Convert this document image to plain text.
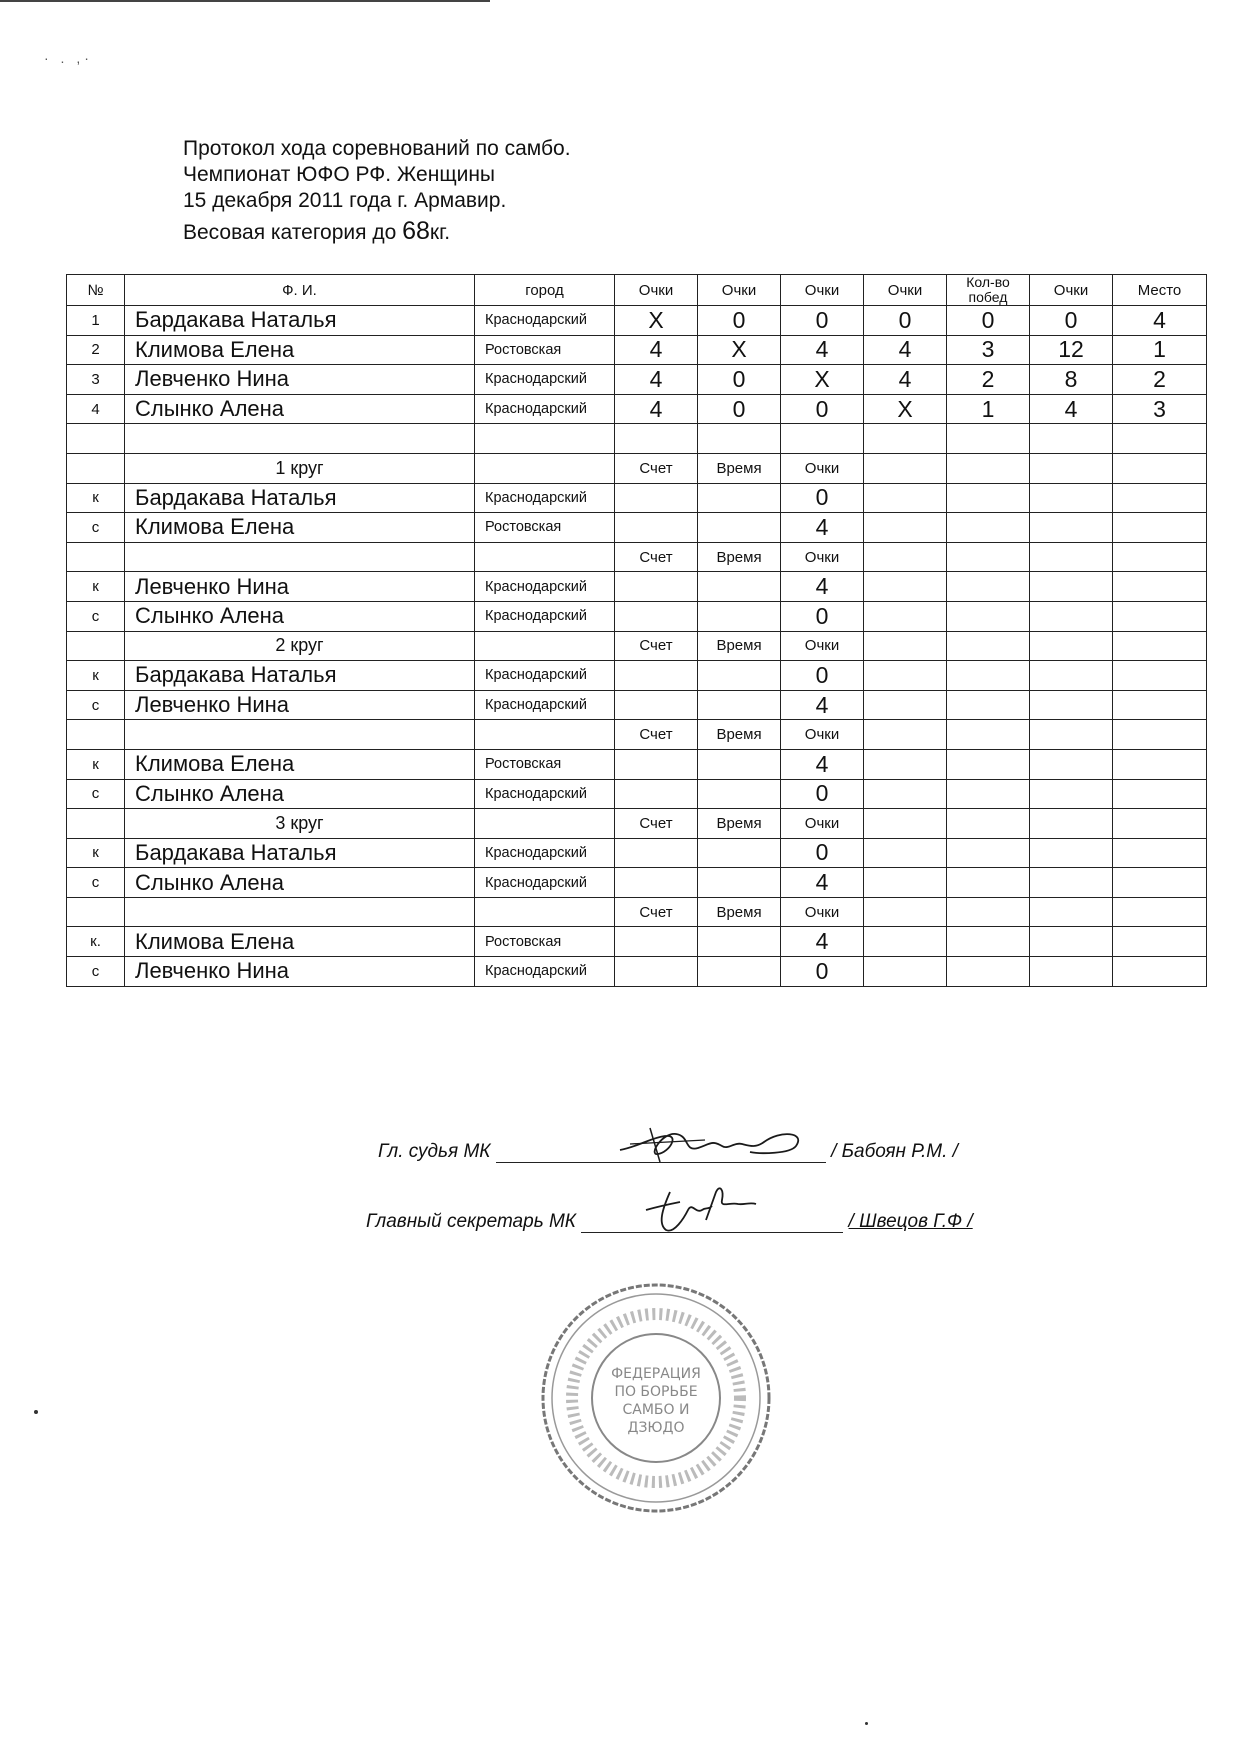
· . ,·
Протокол хода соревнований по самбо.
Чемпионат ЮФО РФ. Женщины
15 декабря 2011 года г. Армавир.
Весовая категория до 68кг.
№	Ф. И.	город	Очки	Очки	Очки	Очки	Кол-во побед	Очки	Место
1	Бардакава Наталья	Краснодарский	X	0	0	0	0	0	4
2	Климова Елена	Ростовская	4	X	4	4	3	12	1
3	Левченко Нина	Краснодарский	4	0	X	4	2	8	2
4	Слынко Алена	Краснодарский	4	0	0	X	1	4	3

	1 круг		Счет	Время	Очки				
к	Бардакава Наталья	Краснодарский			0				
с	Климова Елена	Ростовская			4				
			Счет	Время	Очки				
к	Левченко Нина	Краснодарский			4				
с	Слынко Алена	Краснодарский			0				
	2 круг		Счет	Время	Очки				
к	Бардакава Наталья	Краснодарский			0				
с	Левченко Нина	Краснодарский			4				
			Счет	Время	Очки				
к	Климова Елена	Ростовская			4				
с	Слынко Алена	Краснодарский			0				
	3 круг		Счет	Время	Очки				
к	Бардакава Наталья	Краснодарский			0				
с	Слынко Алена	Краснодарский			4				
			Счет	Время	Очки				
к.	Климова Елена	Ростовская			4				
с	Левченко Нина	Краснодарский			0				
Гл. судья МК	/ Бабоян Р.М. /
Главный секретарь МК	/ Швецов Г.Ф /
ФЕДЕРАЦИЯ
ПО БОРЬБЕ
САМБО И
ДЗЮДО
